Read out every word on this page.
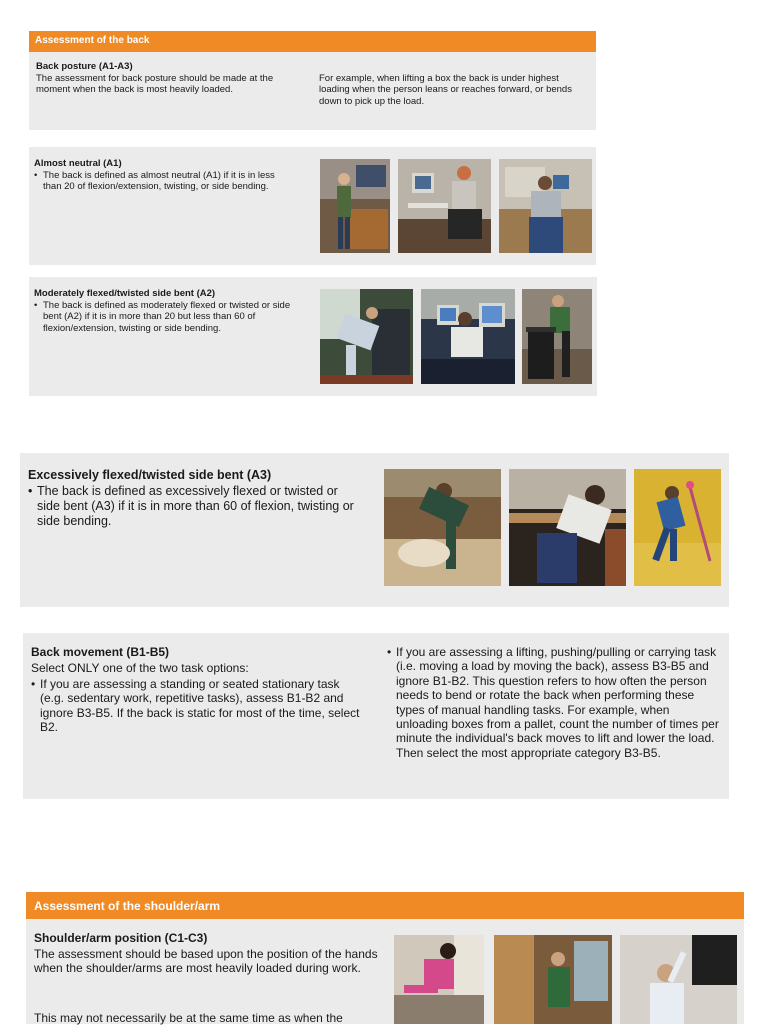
Assessment of the back
Back posture (A1-A3)
The assessment for back posture should be made at the moment when the back is most heavily loaded.
For example, when lifting a box the back is under highest loading when the person leans or reaches forward, or bends down to pick up the load.
Almost neutral (A1)
• The back is defined as almost neutral (A1) if it is in less than 20 of flexion/extension, twisting, or side bending.
Moderately flexed/twisted side bent (A2)
• The back is defined as moderately flexed or twisted or side bent (A2) if it is in more than 20 but less than 60 of flexion/extension, twisting or side bending.
Excessively flexed/twisted side bent (A3)
• The back is defined as excessively flexed or twisted or side bent (A3) if it is in more than 60 of flexion, twisting or side bending.
Back movement (B1-B5)
Select ONLY one of the two task options:
• If you are assessing a standing or seated stationary task (e.g. sedentary work, repetitive tasks), assess B1-B2 and ignore B3-B5. If the back is static for most of the time, select B2.
• If you are assessing a lifting, pushing/pulling or carrying task (i.e. moving a load by moving the back), assess B3-B5 and ignore B1-B2. This question refers to how often the person needs to bend or rotate the back when performing these types of manual handling tasks. For example, when unloading boxes from a pallet, count the number of times per minute the individual's back moves to lift and lower the load. Then select the most appropriate category B3-B5.
Assessment of the shoulder/arm
Shoulder/arm position (C1-C3)
The assessment should be based upon the position of the hands when the shoulder/arms are most heavily loaded during work.
This may not necessarily be at the same time as when the
